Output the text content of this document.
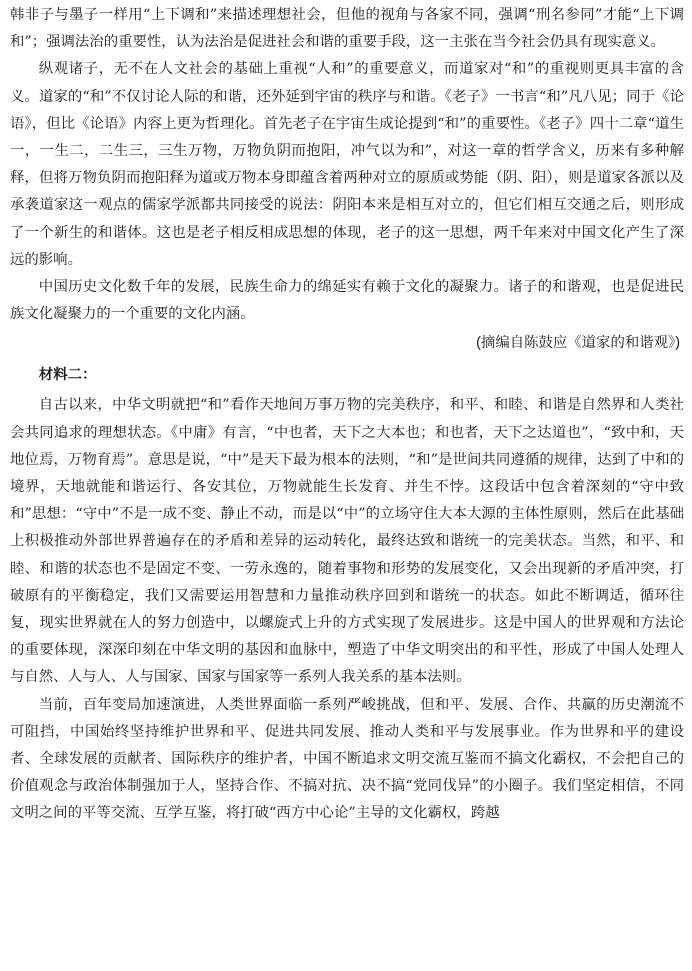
韩非子与墨子一样用“上下调和”来描述理想社会，但他的视角与各家不同，强调“刑名参同”才能“上下调和”；强调法治的重要性，认为法治是促进社会和谐的重要手段，这一主张在当今社会仍具有现实意义。

纵观诸子，无不在人文社会的基础上重视“人和”的重要意义，而道家对“和”的重视则更具丰富的含义。道家的“和”不仅讨论人际的和谐，还外延到宇宙的秩序与和谐。《老子》一书言“和”凡八见；同于《论语》，但比《论语》内容上更为哲理化。首先老子在宇宙生成论提到“和”的重要性。《老子》四十二章“道生一，一生二，二生三，三生万物，万物负阴而抱阳，冲气以为和”，对这一章的哲学含义，历来有多种解释，但将万物负阴而抱阳释为道或万物本身即蕴含着两种对立的原质或势能（阴、阳），则是道家各派以及承袭道家这一观点的儒家学派都共同接受的说法：阴阳本来是相互对立的，但它们相互交通之后，则形成了一个新生的和谐体。这也是老子相反相成思想的体现，老子的这一思想，两千年来对中国文化产生了深远的影响。

中国历史文化数千年的发展，民族生命力的绵延实有赖于文化的凝聚力。诸子的和谐观，也是促进民族文化凝聚力的一个重要的文化内涵。

(摘编自陈鼓应《道家的和谐观》)

材料二：

自古以来，中华文明就把“和”看作天地间万事万物的完美秩序，和平、和睦、和谐是自然界和人类社会共同追求的理想状态。《中庸》有言，“中也者，天下之大本也；和也者，天下之达道也”，“致中和，天地位焉，万物育焉”。意思是说，“中”是天下最为根本的法则，“和”是世间共同遵循的规律，达到了中和的境界，天地就能和谐运行、各安其位，万物就能生长发育、并生不悖。这段话中包含着深刻的“守中致和”思想：“守中”不是一成不变、静止不动，而是以“中”的立场守住大本大源的主体性原则，然后在此基础上积极推动外部世界普遍存在的矛盾和差异的运动转化，最终达致和谐统一的完美状态。当然，和平、和睦、和谐的状态也不是固定不变、一劳永逸的，随着事物和形势的发展变化，又会出现新的矛盾冲突，打破原有的平衡稳定，我们又需要运用智慧和力量推动秩序回到和谐统一的状态。如此不断调适，循环往复，现实世界就在人的努力创造中，以螺旋式上升的方式实现了发展进步。这是中国人的世界观和方法论的重要体现，深深印刻在中华文明的基因和血脉中，塑造了中华文明突出的和平性，形成了中国人处理人与自然、人与人、人与国家、国家与国家等一系列人我关系的基本法则。

当前，百年变局加速演进，人类世界面临一系列严峻挑战，但和平、发展、合作、共赢的历史潮流不可阻挡，中国始终坚持维护世界和平、促进共同发展、推动人类和平与发展事业。作为世界和平的建设者、全球发展的贡献者、国际秩序的维护者，中国不断追求文明交流互鉴而不搞文化霸权，不会把自己的价值观念与政治体制强加于人，坚持合作、不搞对抗、决不搞“党同伐异”的小圈子。我们坚定相信，不同文明之间的平等交流、互学互鉴，将打破“西方中心论”主导的文化霸权，跨越
